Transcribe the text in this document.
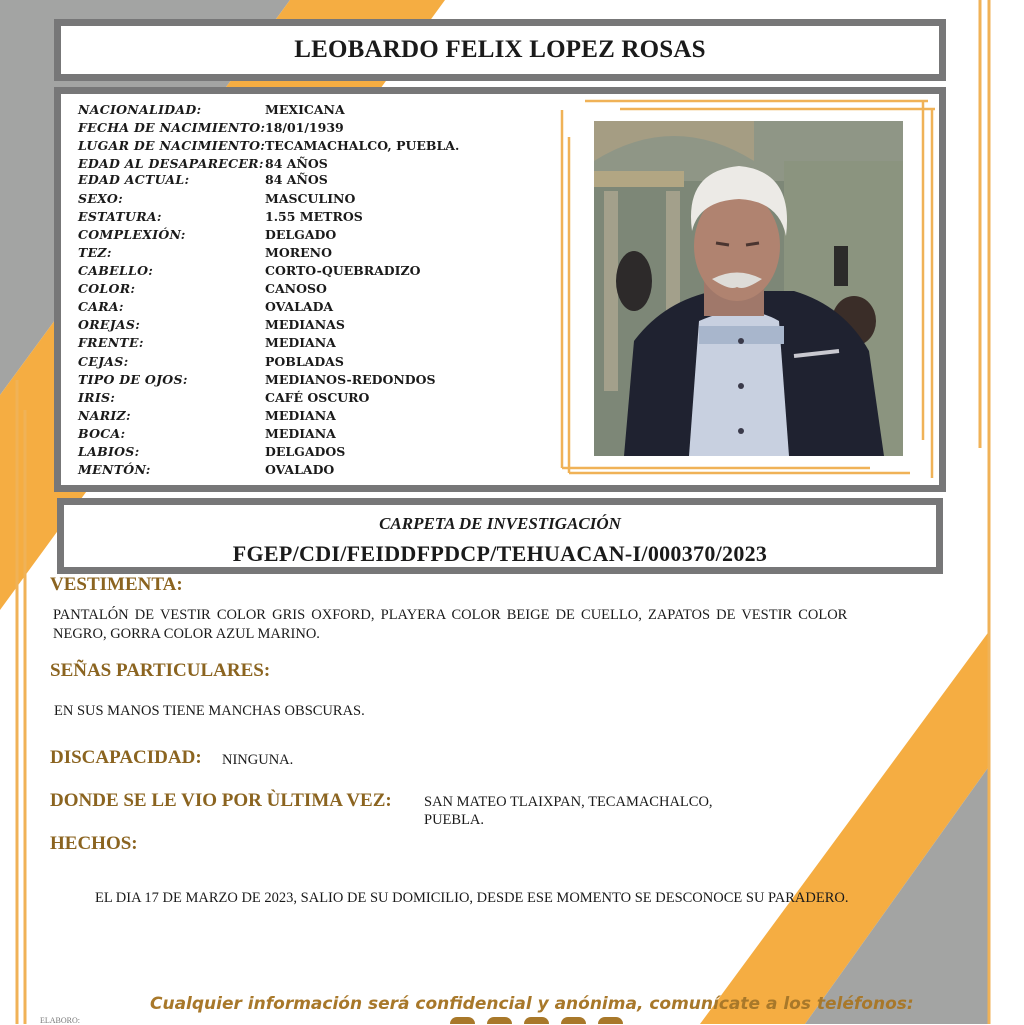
LEOBARDO FELIX LOPEZ ROSAS
NACIONALIDAD:	MEXICANA
FECHA DE NACIMIENTO: 18/01/1939
LUGAR DE NACIMIENTO: TECAMACHALCO, PUEBLA.
EDAD AL DESAPARECER: 84 AÑOS
EDAD ACTUAL:	84 AÑOS
SEXO:	MASCULINO
ESTATURA:	1.55 METROS
COMPLEXIÓN:	DELGADO
TEZ:	MORENO
CABELLO:	CORTO-QUEBRADIZO
COLOR:	CANOSO
CARA:	OVALADA
OREJAS:	MEDIANAS
FRENTE:	MEDIANA
CEJAS:	POBLADAS
TIPO DE OJOS:	MEDIANOS-REDONDOS
IRIS:	CAFÉ OSCURO
NARIZ:	MEDIANA
BOCA:	MEDIANA
LABIOS:	DELGADOS
MENTÓN:	OVALADO
CARPETA DE INVESTIGACIÓN
FGEP/CDI/FEIDDFPDCP/TEHUACAN-I/000370/2023
VESTIMENTA:
PANTALÓN DE VESTIR COLOR GRIS OXFORD, PLAYERA COLOR BEIGE DE CUELLO, ZAPATOS DE VESTIR COLOR
NEGRO, GORRA COLOR AZUL MARINO.
SEÑAS PARTICULARES:
EN SUS MANOS TIENE MANCHAS OBSCURAS.
DISCAPACIDAD: NINGUNA.
DONDE SE LE VIO POR ÙLTIMA VEZ: SAN MATEO TLAIXPAN, TECAMACHALCO,
PUEBLA.
HECHOS:
EL DIA 17 DE MARZO DE 2023, SALIO DE SU DOMICILIO, DESDE ESE MOMENTO SE DESCONOCE SU PARADERO.
Cualquier información será confidencial y anónima, comunícate a los teléfonos:
ELABORO:
